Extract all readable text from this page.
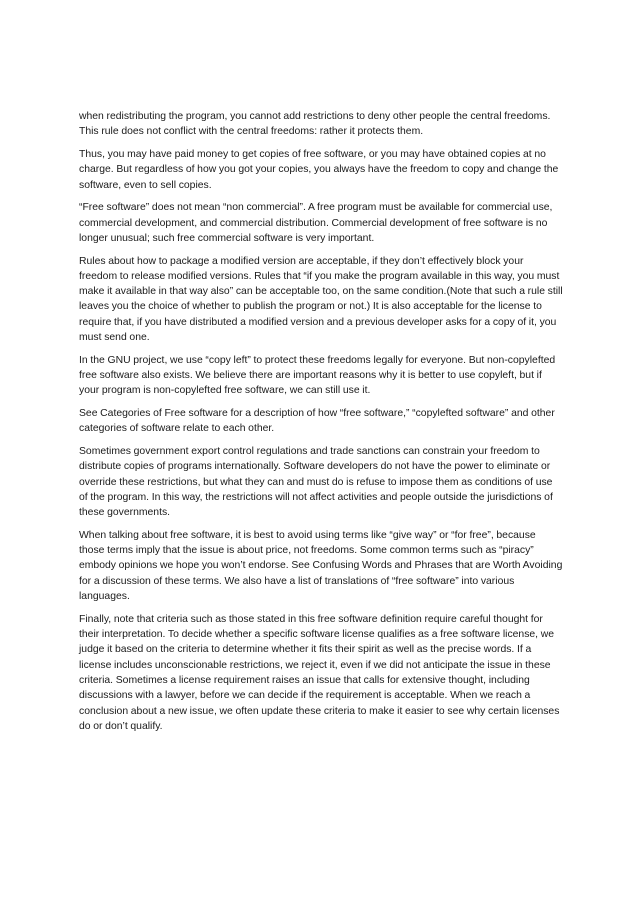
when redistributing the program, you cannot add restrictions to deny other people the central freedoms. This rule does not conflict with the central freedoms: rather it protects them.

Thus, you may have paid money to get copies of free software, or you may have obtained copies at no charge. But regardless of how you got your copies, you always have the freedom to copy and change the software, even to sell copies.

“Free software” does not mean “non commercial”. A free program must be available for commercial use, commercial development, and commercial distribution. Commercial development of free software is no longer unusual; such free commercial software is very important.

Rules about how to package a modified version are acceptable, if they don’t effectively block your freedom to release modified versions. Rules that “if you make the program available in this way, you must make it available in that way also” can be acceptable too, on the same condition.(Note that such a rule still leaves you the choice of whether to publish the program or not.) It is also acceptable for the license to require that, if you have distributed a modified version and a previous developer asks for a copy of it, you must send one.

In the GNU project, we use “copy left” to protect these freedoms legally for everyone. But non-copylefted free software also exists. We believe there are important reasons why it is better to use copyleft, but if your program is non-copylefted free software, we can still use it.

See Categories of Free software for a description of how “free software,” “copylefted software” and other categories of software relate to each other.

Sometimes government export control regulations and trade sanctions can constrain your freedom to distribute copies of programs internationally. Software developers do not have the power to eliminate or override these restrictions, but what they can and must do is refuse to impose them as conditions of use of the program. In this way, the restrictions will not affect activities and people outside the jurisdictions of these governments.

When talking about free software, it is best to avoid using terms like “give way” or “for free”, because those terms imply that the issue is about price, not freedoms. Some common terms such as “piracy” embody opinions we hope you won’t endorse. See Confusing Words and Phrases that are Worth Avoiding for a discussion of these terms. We also have a list of translations of “free software” into various languages.

Finally, note that criteria such as those stated in this free software definition require careful thought for their interpretation. To decide whether a specific software license qualifies as a free software license, we judge it based on the criteria to determine whether it fits their spirit as well as the precise words. If a license includes unconscionable restrictions, we reject it, even if we did not anticipate the issue in these criteria. Sometimes a license requirement raises an issue that calls for extensive thought, including discussions with a lawyer, before we can decide if the requirement is acceptable. When we reach a conclusion about a new issue, we often update these criteria to make it easier to see why certain licenses do or don’t qualify.
